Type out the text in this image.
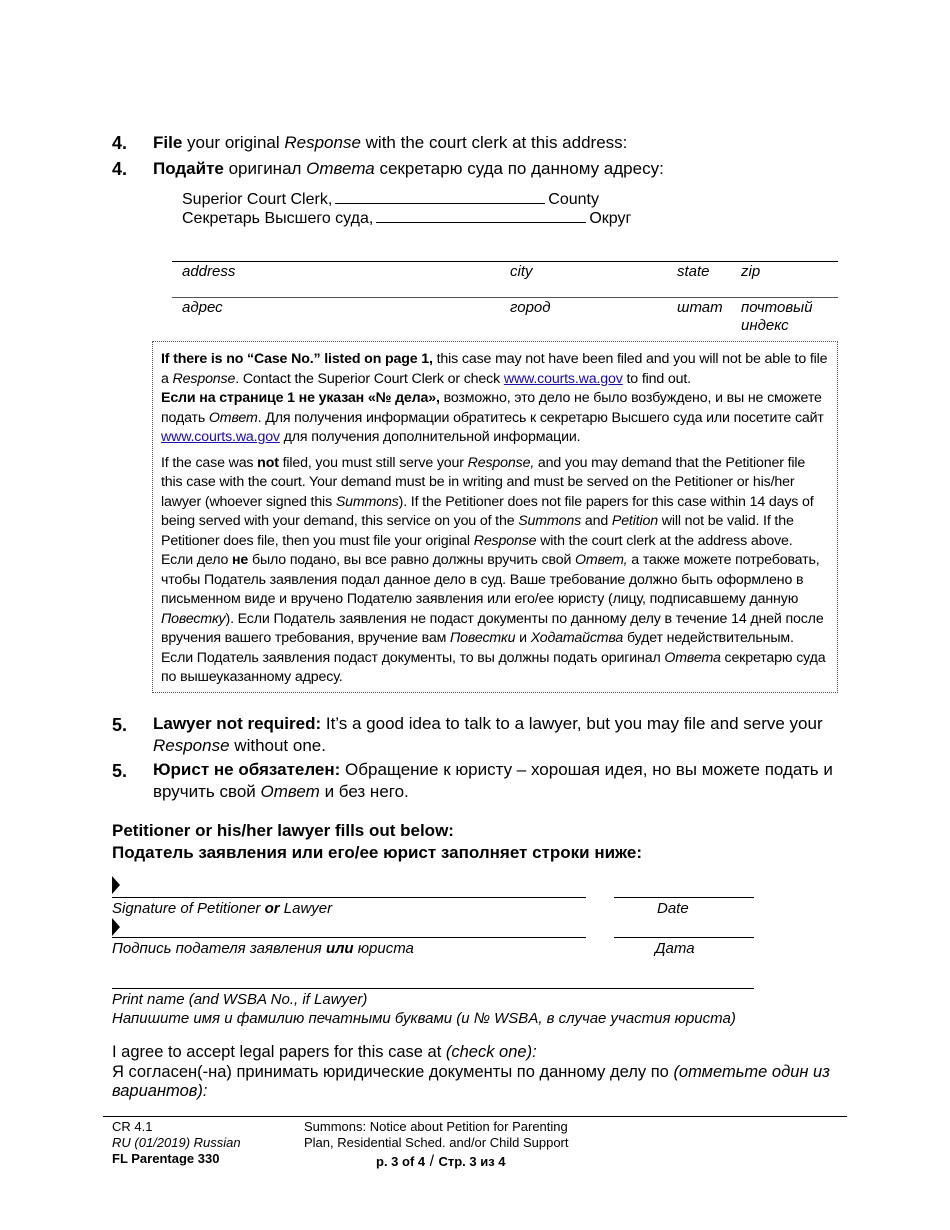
4. File your original Response with the court clerk at this address:
4. Подайте оригинал Ответа секретарю суда по данному адресу:
Superior Court Clerk,	County
Секретарь Высшего суда,	Округ
address	city	state zip
адрес	город	штат почтовый индекс

If there is no “Case No.” listed on page 1, this case may not have been filed and you will not be able to file a Response. Contact the Superior Court Clerk or check www.courts.wa.gov to find out.
Если на странице 1 не указан «№ дела», возможно, это дело не было возбуждено, и вы не сможете подать Ответ. Для получения информации обратитесь к секретарю Высшего суда или посетите сайт www.courts.wa.gov для получения дополнительной информации.

If the case was not filed, you must still serve your Response, and you may demand that the Petitioner file this case with the court. Your demand must be in writing and must be served on the Petitioner or his/her lawyer (whoever signed this Summons). If the Petitioner does not file papers for this case within 14 days of being served with your demand, this service on you of the Summons and Petition will not be valid. If the Petitioner does file, then you must file your original Response with the court clerk at the address above.
Если дело не было подано, вы все равно должны вручить свой Ответ, а также можете потребовать, чтобы Податель заявления подал данное дело в суд. Ваше требование должно быть оформлено в письменном виде и вручено Подателю заявления или его/ее юристу (лицу, подписавшему данную Повестку). Если Податель заявления не подаст документы по данному делу в течение 14 дней после вручения вашего требования, вручение вам Повестки и Ходатайства будет недействительным. Если Податель заявления подаст документы, то вы должны подать оригинал Ответа секретарю суда по вышеуказанному адресу.

5. Lawyer not required: It’s a good idea to talk to a lawyer, but you may file and serve your Response without one.
5. Юрист не обязателен: Обращение к юристу – хорошая идея, но вы можете подать и вручить свой Ответ и без него.
Petitioner or his/her lawyer fills out below:
Податель заявления или его/ее юрист заполняет строки ниже:
Signature of Petitioner or Lawyer	Date
Подпись подателя заявления или юриста	Дата
Print name (and WSBA No., if Lawyer)
Напишите имя и фамилию печатными буквами (и № WSBA, в случае участия юриста)
I agree to accept legal papers for this case at (check one):
Я согласен(-на) принимать юридические документы по данному делу по (отметьте один из вариантов):
CR 4.1
RU (01/2019) Russian
FL Parentage 330
Summons: Notice about Petition for Parenting
Plan, Residential Sched. and/or Child Support
p. 3 of 4 / Стр. 3 из 4
